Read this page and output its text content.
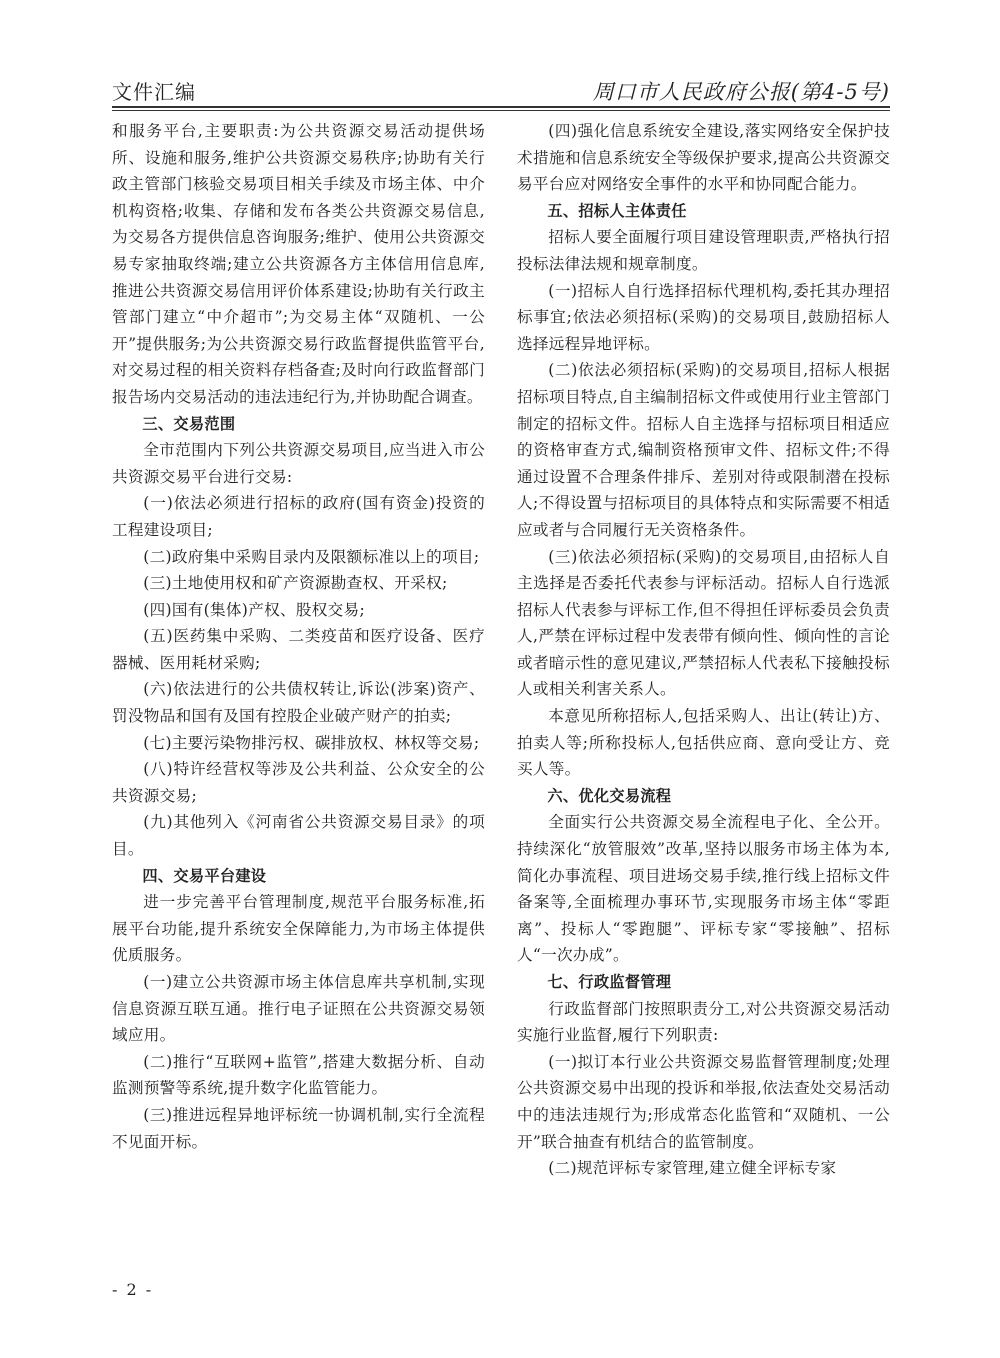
文件汇编	周口市人民政府公报(第4-5号)

和服务平台,主要职责:为公共资源交易活动提供场所、设施和服务,维护公共资源交易秩序;协助有关行政主管部门核验交易项目相关手续及市场主体、中介机构资格;收集、存储和发布各类公共资源交易信息,为交易各方提供信息咨询服务;维护、使用公共资源交易专家抽取终端;建立公共资源各方主体信用信息库,推进公共资源交易信用评价体系建设;协助有关行政主管部门建立“中介超市”;为交易主体“双随机、一公开”提供服务;为公共资源交易行政监督提供监管平台,对交易过程的相关资料存档备查;及时向行政监督部门报告场内交易活动的违法违纪行为,并协助配合调查。

三、交易范围

全市范围内下列公共资源交易项目,应当进入市公共资源交易平台进行交易:

(一)依法必须进行招标的政府(国有资金)投资的工程建设项目;

(二)政府集中采购目录内及限额标准以上的项目;

(三)土地使用权和矿产资源勘查权、开采权;

(四)国有(集体)产权、股权交易;

(五)医药集中采购、二类疫苗和医疗设备、医疗器械、医用耗材采购;

(六)依法进行的公共债权转让,诉讼(涉案)资产、罚没物品和国有及国有控股企业破产财产的拍卖;

(七)主要污染物排污权、碳排放权、林权等交易;

(八)特许经营权等涉及公共利益、公众安全的公共资源交易;

(九)其他列入《河南省公共资源交易目录》的项目。

四、交易平台建设

进一步完善平台管理制度,规范平台服务标准,拓展平台功能,提升系统安全保障能力,为市场主体提供优质服务。

(一)建立公共资源市场主体信息库共享机制,实现信息资源互联互通。推行电子证照在公共资源交易领域应用。

(二)推行“互联网+监管”,搭建大数据分析、自动监测预警等系统,提升数字化监管能力。

(三)推进远程异地评标统一协调机制,实行全流程不见面开标。

(四)强化信息系统安全建设,落实网络安全保护技术措施和信息系统安全等级保护要求,提高公共资源交易平台应对网络安全事件的水平和协同配合能力。

五、招标人主体责任

招标人要全面履行项目建设管理职责,严格执行招投标法律法规和规章制度。

(一)招标人自行选择招标代理机构,委托其办理招标事宜;依法必须招标(采购)的交易项目,鼓励招标人选择远程异地评标。

(二)依法必须招标(采购)的交易项目,招标人根据招标项目特点,自主编制招标文件或使用行业主管部门制定的招标文件。招标人自主选择与招标项目相适应的资格审查方式,编制资格预审文件、招标文件;不得通过设置不合理条件排斥、差别对待或限制潜在投标人;不得设置与招标项目的具体特点和实际需要不相适应或者与合同履行无关资格条件。

(三)依法必须招标(采购)的交易项目,由招标人自主选择是否委托代表参与评标活动。招标人自行选派招标人代表参与评标工作,但不得担任评标委员会负责人,严禁在评标过程中发表带有倾向性、倾向性的言论或者暗示性的意见建议,严禁招标人代表私下接触投标人或相关利害关系人。

本意见所称招标人,包括采购人、出让(转让)方、拍卖人等;所称投标人,包括供应商、意向受让方、竞买人等。

六、优化交易流程

全面实行公共资源交易全流程电子化、全公开。持续深化“放管服效”改革,坚持以服务市场主体为本,简化办事流程、项目进场交易手续,推行线上招标文件备案等,全面梳理办事环节,实现服务市场主体“零距离”、投标人“零跑腿”、评标专家“零接触”、招标人“一次办成”。

七、行政监督管理

行政监督部门按照职责分工,对公共资源交易活动实施行业监督,履行下列职责:

(一)拟订本行业公共资源交易监督管理制度;处理公共资源交易中出现的投诉和举报,依法查处交易活动中的违法违规行为;形成常态化监管和“双随机、一公开”联合抽查有机结合的监管制度。

(二)规范评标专家管理,建立健全评标专家

- 2 -
